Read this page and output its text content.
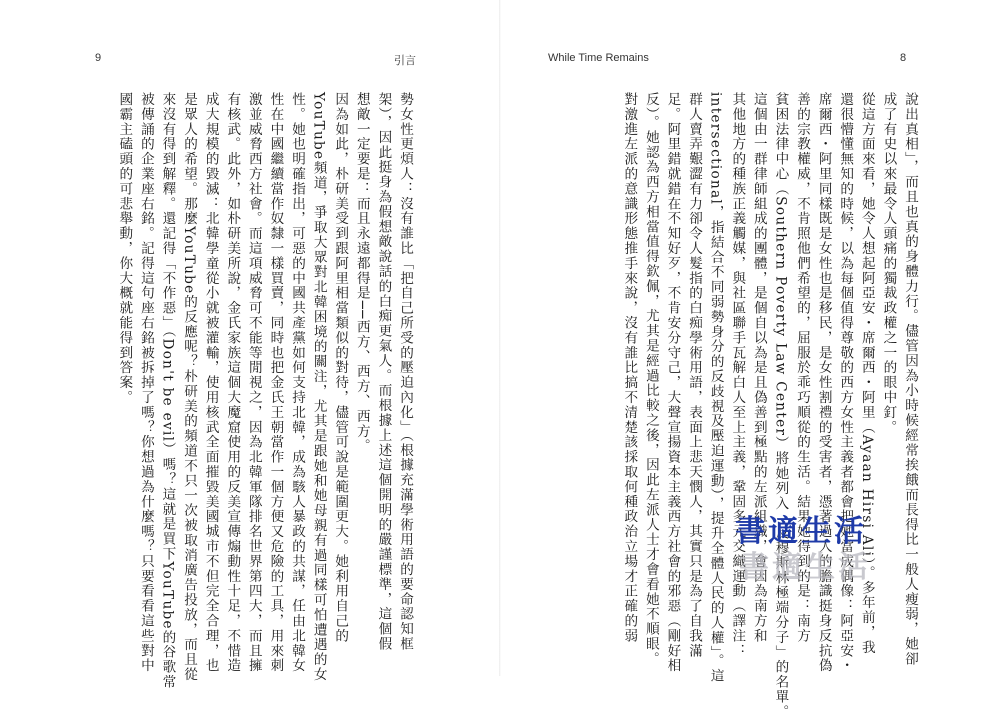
9	引言	While Time Remains	8
說出真相」，而且也真的身體力行。儘管因為小時候經常挨餓而長得比一般人瘦弱，她卻
成了有史以來最令人頭痛的獨裁政權之一的眼中釘。
從這方面來看，她令人想起阿亞安・席爾西・阿里（Ayaan Hirsi Ali）。多年前，我
還很懵懂無知的時候，以為每個值得尊敬的西方女性主義者都會把她當成偶像：阿亞安・
席爾西・阿里同樣既是女性也是移民，是女性割禮的受害者，憑著過人的膽識挺身反抗偽
善的宗教權威，不肯照他們希望的，屈服於乖巧順從的生活。結果她得到的是：南方
貧困法律中心（Southern Poverty Law Center）將她列入「反穆斯林極端分子」的名單。
這個由一群律師組成的團體，是個自以為是且偽善到極點的左派組織，會因為南方和
其他地方的種族正義觸媒，與社區聯手瓦解白人至上主義，鞏固多元交織運動（譯注：
intersectional，指結合不同弱勢身分的反歧視及壓迫運動），提升全體人民的人權」。這
群人賣弄艱澀有力卻令人髮指的白痴學術用語，表面上悲天憫人，其實只是為了自我滿
足。阿里錯就錯在不知好歹，不肯安分守己，大聲宣揚資本主義西方社會的邪惡（剛好相
反）。她認為西方相當值得欽佩，尤其是經過比較之後，因此左派人士才會看她不順眼。
對激進左派的意識形態推手來說，沒有誰比搞不清楚該採取何種政治立場才正確的弱
勢女性更煩人：沒有誰比「把自己所受的壓迫內化」（根據充滿學術用語的要命認知框
架），因此挺身為假想敵說話的白痴更氣人。而根據上述這個開明的嚴謹標準，這個假
想敵一定要是：而且永遠都得是──西方、西方、西方。
因為如此，朴研美受到跟阿里相當類似的對待，儘管可說是範圍更大。她利用自己的
YouTube頻道，爭取大眾對北韓困境的關注，尤其是跟她和她母親有過同樣可怕遭遇的女
性。她也明確指出，可惡的中國共產黨如何支持北韓，成為駭人暴政的共謀，任由北韓女
性在中國繼續當作奴隸一樣買賣，同時也把金氏王朝當作一個方便又危險的工具，用來刺
激並威脅西方社會。而這項威脅可不能等閒視之，因為北韓軍隊排名世界第四大，而且擁
有核武。此外，如朴研美所說，金氏家族這個大魔窟使用的反美宣傳煽動性十足，不惜造
成大規模的毀滅：北韓學童從小就被灌輸，使用核武全面摧毀美國城市不但完全合理，也
是眾人的希望。那麼YouTube的反應呢？朴研美的頻道不只一次被取消廣告投放，而且從
來沒有得到解釋。還記得「不作惡」（Don't be evil）嗎？這就是買下YouTube的谷歌常
被傳誦的企業座右銘。記得這句座右銘被拆掉了嗎？你想過為什麼嗎？只要看看這些對中
國霸主磕頭的可悲舉動，你大概就能得到答案。
書適生活
書適生活
